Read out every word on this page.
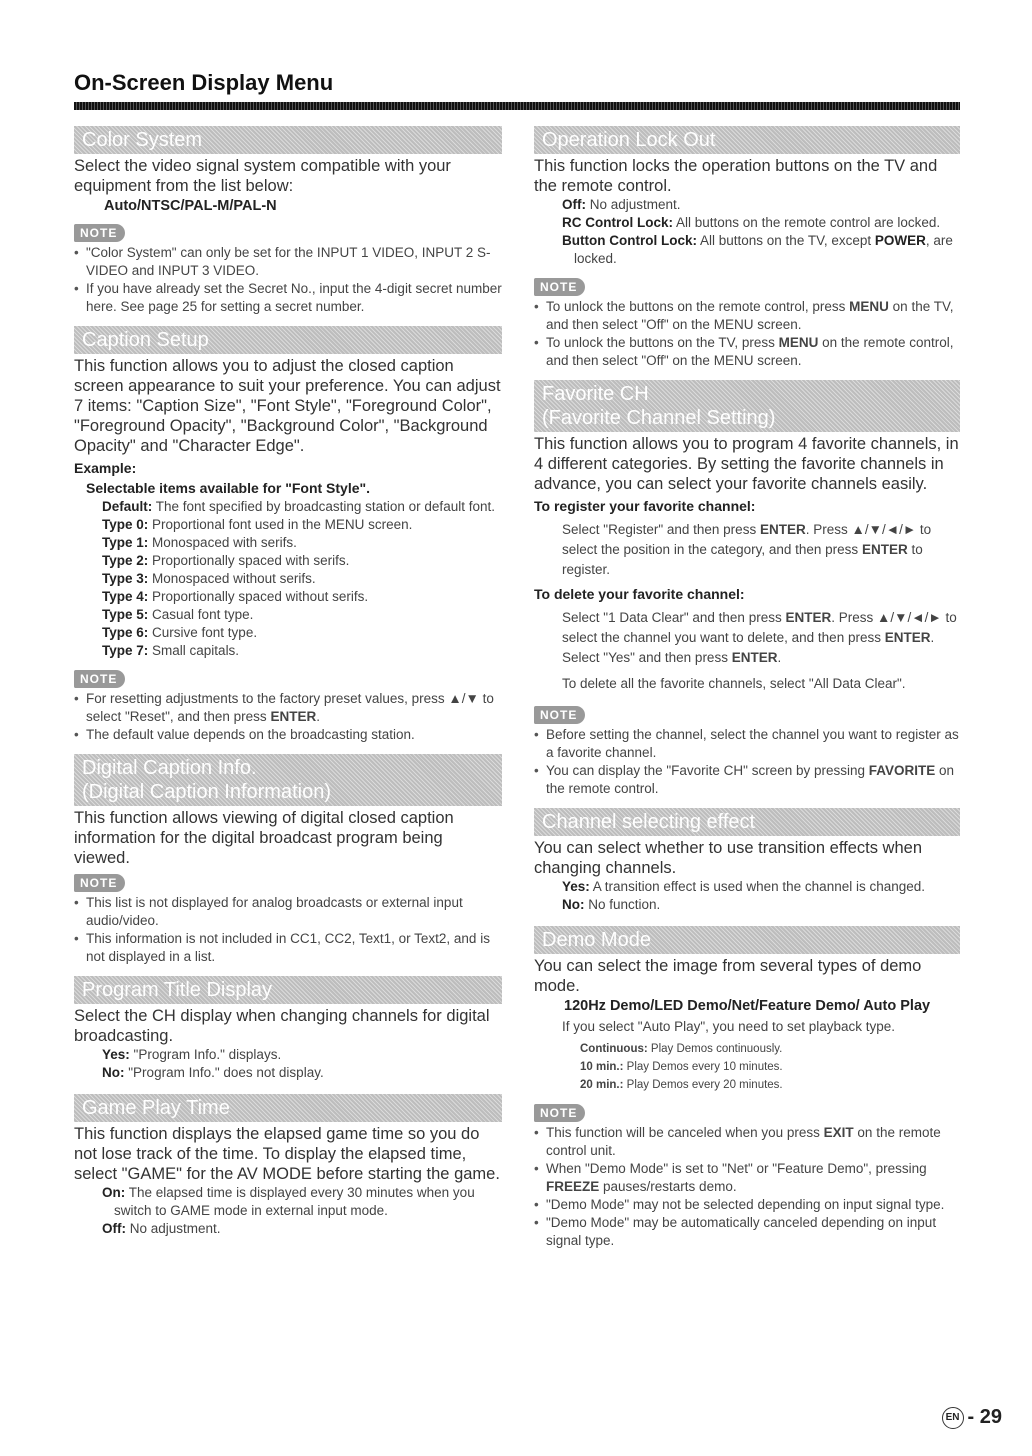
On-Screen Display Menu
Color System

Select the video signal system compatible with your equipment from the list below:

Auto/NTSC/PAL-M/PAL-N
NOTE
• "Color System" can only be set for the INPUT 1 VIDEO, INPUT 2 S-VIDEO and INPUT 3 VIDEO.
• If you have already set the Secret No., input the 4-digit secret number here. See page 25 for setting a secret number.
Caption Setup

This function allows you to adjust the closed caption screen appearance to suit your preference. You can adjust 7 items: "Caption Size", "Font Style", "Foreground Color", "Foreground Opacity", "Background Color", "Background Opacity" and "Character Edge".

Example:
Selectable items available for "Font Style".
Default: The font specified by broadcasting station or default font.
Type 0: Proportional font used in the MENU screen.
Type 1: Monospaced with serifs.
Type 2: Proportionally spaced with serifs.
Type 3: Monospaced without serifs.
Type 4: Proportionally spaced without serifs.
Type 5: Casual font type.
Type 6: Cursive font type.
Type 7: Small capitals.
NOTE
• For resetting adjustments to the factory preset values, press ▲/▼ to select "Reset", and then press ENTER.
• The default value depends on the broadcasting station.
Digital Caption Info.
(Digital Caption Information)

This function allows viewing of digital closed caption information for the digital broadcast program being viewed.

NOTE
• This list is not displayed for analog broadcasts or external input audio/video.
• This information is not included in CC1, CC2, Text1, or Text2, and is not displayed in a list.
Program Title Display

Select the CH display when changing channels for digital broadcasting.

Yes: "Program Info." displays.
No: "Program Info." does not display.
Game Play Time

This function displays the elapsed game time so you do not lose track of the time. To display the elapsed time, select "GAME" for the AV MODE before starting the game.

On: The elapsed time is displayed every 30 minutes when you switch to GAME mode in external input mode.
Off: No adjustment.
Operation Lock Out

This function locks the operation buttons on the TV and the remote control.

Off: No adjustment.
RC Control Lock: All buttons on the remote control are locked.
Button Control Lock: All buttons on the TV, except POWER, are locked.
NOTE
• To unlock the buttons on the remote control, press MENU on the TV, and then select "Off" on the MENU screen.
• To unlock the buttons on the TV, press MENU on the remote control, and then select "Off" on the MENU screen.
Favorite CH
(Favorite Channel Setting)

This function allows you to program 4 favorite channels, in 4 different categories. By setting the favorite channels in advance, you can select your favorite channels easily.

To register your favorite channel:
Select "Register" and then press ENTER. Press ▲/▼/◄/► to select the position in the category, and then press ENTER to register.
To delete your favorite channel:
Select "1 Data Clear" and then press ENTER. Press ▲/▼/◄/► to select the channel you want to delete, and then press ENTER. Select "Yes" and then press ENTER.
To delete all the favorite channels, select "All Data Clear".
NOTE
• Before setting the channel, select the channel you want to register as a favorite channel.
• You can display the "Favorite CH" screen by pressing FAVORITE on the remote control.
Channel selecting effect

You can select whether to use transition effects when changing channels.

Yes: A transition effect is used when the channel is changed.
No: No function.
Demo Mode

You can select the image from several types of demo mode.

120Hz Demo/LED Demo/Net/Feature Demo/ Auto Play
If you select "Auto Play", you need to set playback type.
Continuous: Play Demos continuously.
10 min.: Play Demos every 10 minutes.
20 min.: Play Demos every 20 minutes.
NOTE
• This function will be canceled when you press EXIT on the remote control unit.
• When "Demo Mode" is set to "Net" or "Feature Demo", pressing FREEZE pauses/restarts demo.
• "Demo Mode" may not be selected depending on input signal type.
• "Demo Mode" may be automatically canceled depending on input signal type.
EN - 29
